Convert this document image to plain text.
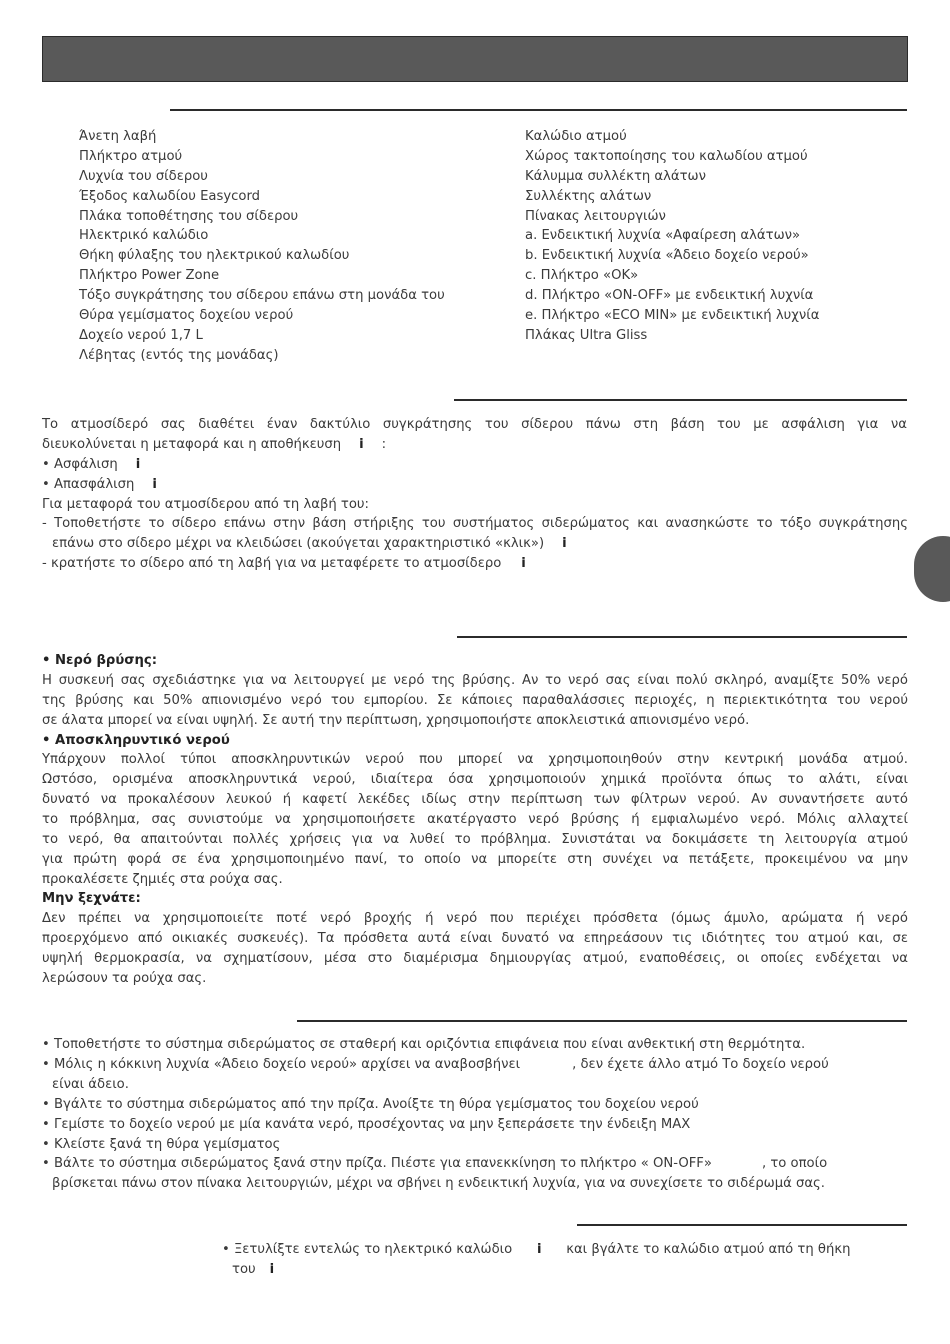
Άνετη λαβή
Πλήκτρο ατμού
Λυχνία του σίδερου
Έξοδος καλωδίου Easycord
Πλάκα τοποθέτησης του σίδερου
Ηλεκτρικό καλώδιο
Θήκη φύλαξης του ηλεκτρικού καλωδίου
Πλήκτρο Power Zone
Τόξο συγκράτησης του σίδερου επάνω στη μονάδα του
Θύρα γεμίσματος δοχείου νερού
Δοχείο νερού 1,7 L
Λέβητας (εντός της μονάδας)
Καλώδιο ατμού
Χώρος τακτοποίησης του καλωδίου ατμού
Κάλυμμα συλλέκτη αλάτων
Συλλέκτης αλάτων
Πίνακας λειτουργιών
a. Ενδεικτική λυχνία «Αφαίρεση αλάτων»
b. Ενδεικτική λυχνία «Άδειο δοχείο νερού»
c. Πλήκτρο «OK»
d. Πλήκτρο «ON-OFF» με ενδεικτική λυχνία
e. Πλήκτρο «ECO MIN» με ενδεικτική λυχνία
Πλάκας Ultra Gliss
Το ατμοσίδερό σας διαθέτει έναν δακτύλιο συγκράτησης του σίδερου πάνω στη βάση του με ασφάλιση για να
διευκολύνεται η μεταφορά και η αποθήκευση i :
• Ασφάλιση i
• Απασφάλιση i
Για μεταφορά του ατμοσίδερου από τη λαβή του:
- Τοποθετήστε το σίδερο επάνω στην βάση στήριξης του συστήματος σιδερώματος και ανασηκώστε το τόξο συγκράτησης
επάνω στο σίδερο μέχρι να κλειδώσει (ακούγεται χαρακτηριστικό «κλικ») i
- κρατήστε το σίδερο από τη λαβή για να μεταφέρετε το ατμοσίδερο i
• Νερό βρύσης:
Η συσκευή σας σχεδιάστηκε για να λειτουργεί με νερό της βρύσης. Αν το νερό σας είναι πολύ σκληρό, αναμίξτε 50% νερό
της βρύσης και 50% απιονισμένο νερό του εμπορίου. Σε κάποιες παραθαλάσσιες περιοχές, η περιεκτικότητα του νερού
σε άλατα μπορεί να είναι υψηλή. Σε αυτή την περίπτωση, χρησιμοποιήστε αποκλειστικά απιονισμένο νερό.
• Αποσκληρυντικό νερού
Υπάρχουν πολλοί τύποι αποσκληρυντικών νερού που μπορεί να χρησιμοποιηθούν στην κεντρική μονάδα ατμού.
Ωστόσο, ορισμένα αποσκληρυντικά νερού, ιδιαίτερα όσα χρησιμοποιούν χημικά προϊόντα όπως το αλάτι, είναι
δυνατό να προκαλέσουν λευκού ή καφετί λεκέδες ιδίως στην περίπτωση των φίλτρων νερού. Αν συναντήσετε αυτό
το πρόβλημα, σας συνιστούμε να χρησιμοποιήσετε ακατέργαστο νερό βρύσης ή εμφιαλωμένο νερό. Μόλις αλλαχτεί
το νερό, θα απαιτούνται πολλές χρήσεις για να λυθεί το πρόβλημα. Συνιστάται να δοκιμάσετε τη λειτουργία ατμού
για πρώτη φορά σε ένα χρησιμοποιημένο πανί, το οποίο να μπορείτε στη συνέχει να πετάξετε, προκειμένου να μην
προκαλέσετε ζημιές στα ρούχα σας.
Μην ξεχνάτε:
Δεν πρέπει να χρησιμοποιείτε ποτέ νερό βροχής ή νερό που περιέχει πρόσθετα (όμως άμυλο, αρώματα ή νερό
προερχόμενο από οικιακές συσκευές). Τα πρόσθετα αυτά είναι δυνατό να επηρεάσουν τις ιδιότητες του ατμού και, σε
υψηλή θερμοκρασία, να σχηματίσουν, μέσα στο διαμέρισμα δημιουργίας ατμού, εναποθέσεις, οι οποίες ενδέχεται να
λερώσουν τα ρούχα σας.
• Τοποθετήστε το σύστημα σιδερώματος σε σταθερή και οριζόντια επιφάνεια που είναι ανθεκτική στη θερμότητα.
• Μόλις η κόκκινη λυχνία «Άδειο δοχείο νερού» αρχίσει να αναβοσβήνει	, δεν έχετε άλλο ατμό Το δοχείο νερού
είναι άδειο.
• Βγάλτε το σύστημα σιδερώματος από την πρίζα. Ανοίξτε τη θύρα γεμίσματος του δοχείου νερού
• Γεμίστε το δοχείο νερού με μία κανάτα νερό, προσέχοντας να μην ξεπεράσετε την ένδειξη MAX
• Κλείστε ξανά τη θύρα γεμίσματος
• Βάλτε το σύστημα σιδερώματος ξανά στην πρίζα. Πιέστε για επανεκκίνηση το πλήκτρο « ON-OFF»	, το οποίο
βρίσκεται πάνω στον πίνακα λειτουργιών, μέχρι να σβήνει η ενδεικτική λυχνία, για να συνεχίσετε το σιδέρωμά σας.
• Ξετυλίξτε εντελώς το ηλεκτρικό καλώδιο i και βγάλτε το καλώδιο ατμού από τη θήκη
του i
